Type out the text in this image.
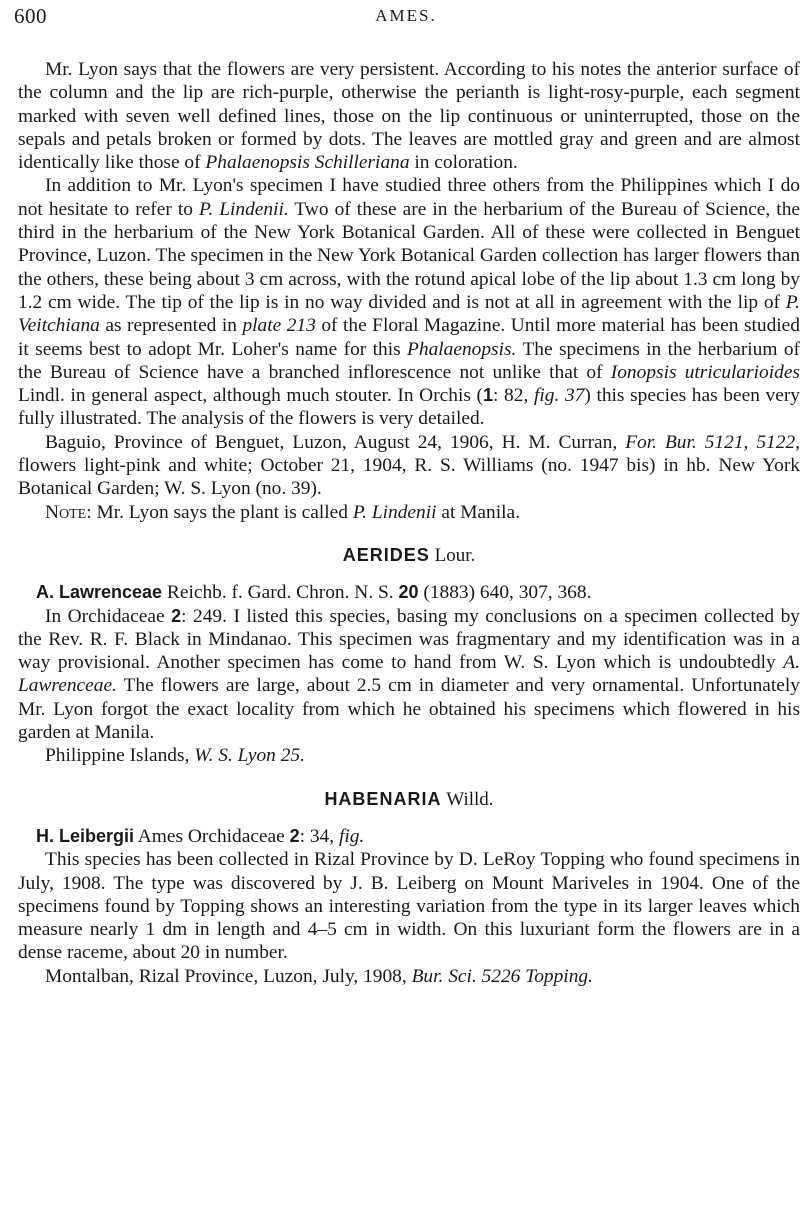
600	AMES.

Mr. Lyon says that the flowers are very persistent. According to his notes the anterior surface of the column and the lip are rich-purple, otherwise the perianth is light-rosy-purple, each segment marked with seven well defined lines, those on the lip continuous or uninterrupted, those on the sepals and petals broken or formed by dots. The leaves are mottled gray and green and are almost identically like those of Phalaenopsis Schilleriana in coloration.

In addition to Mr. Lyon's specimen I have studied three others from the Philippines which I do not hesitate to refer to P. Lindenii. Two of these are in the herbarium of the Bureau of Science, the third in the herbarium of the New York Botanical Garden. All of these were collected in Benguet Province, Luzon. The specimen in the New York Botanical Garden collection has larger flowers than the others, these being about 3 cm across, with the rotund apical lobe of the lip about 1.3 cm long by 1.2 cm wide. The tip of the lip is in no way divided and is not at all in agreement with the lip of P. Veitchiana as represented in plate 213 of the Floral Magazine. Until more material has been studied it seems best to adopt Mr. Loher's name for this Phalaenopsis. The specimens in the herbarium of the Bureau of Science have a branched inflorescence not unlike that of Ionopsis utricularioides Lindl. in general aspect, although much stouter. In Orchis (1: 82, fig. 37) this species has been very fully illustrated. The analysis of the flowers is very detailed.

Baguio, Province of Benguet, Luzon, August 24, 1906, H. M. Curran, For. Bur. 5121, 5122, flowers light-pink and white; October 21, 1904, R. S. Williams (no. 1947 bis) in hb. New York Botanical Garden; W. S. Lyon (no. 39).

Note: Mr. Lyon says the plant is called P. Lindenii at Manila.

AERIDES Lour.

A. Lawrenceae Reichb. f. Gard. Chron. N. S. 20 (1883) 640, 307, 368.

In Orchidaceae 2: 249. I listed this species, basing my conclusions on a specimen collected by the Rev. R. F. Black in Mindanao. This specimen was fragmentary and my identification was in a way provisional. Another specimen has come to hand from W. S. Lyon which is undoubtedly A. Lawrenceae. The flowers are large, about 2.5 cm in diameter and very ornamental. Unfortunately Mr. Lyon forgot the exact locality from which he obtained his specimens which flowered in his garden at Manila.

Philippine Islands, W. S. Lyon 25.

HABENARIA Willd.

H. Leibergii Ames Orchidaceae 2: 34, fig.

This species has been collected in Rizal Province by D. LeRoy Topping who found specimens in July, 1908. The type was discovered by J. B. Leiberg on Mount Mariveles in 1904. One of the specimens found by Topping shows an interesting variation from the type in its larger leaves which measure nearly 1 dm in length and 4–5 cm in width. On this luxuriant form the flowers are in a dense raceme, about 20 in number.

Montalban, Rizal Province, Luzon, July, 1908, Bur. Sci. 5226 Topping.
